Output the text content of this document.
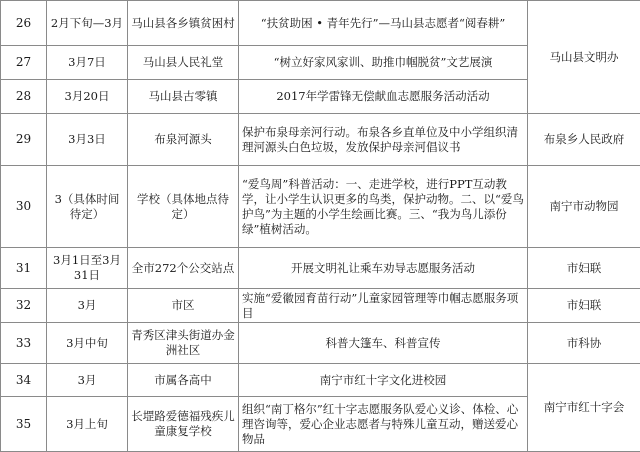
26	2月下旬—3月	马山县各乡镇贫困村	“扶贫助困 • 青年先行”—马山县志愿者“阅春耕”	马山县文明办
27	3月7日	马山县人民礼堂	“树立好家风家训、助推巾帼脱贫”文艺展演	
28	3月20日	马山县古零镇	2017年学雷锋无偿献血志愿服务活动活动	
29	3月3日	布泉河源头	保护布泉母亲河行动。布泉各乡直单位及中小学组织清理河源头白色垃圾，发放保护母亲河倡议书	布泉乡人民政府
30	3（具体时间待定）	学校（具体地点待定）	“爱鸟周”科普活动：一、走进学校，进行PPT互动教学，让小学生认识更多的鸟类，保护动物。二、以“爱鸟护鸟”为主题的小学生绘画比赛。三、“我为鸟儿添份绿”植树活动。	南宁市动物园
31	3月1日至3月31日	全市272个公交站点	开展文明礼让乘车劝导志愿服务活动	市妇联
32	3月	市区	实施“爱徽园育苗行动”儿童家园管理等巾帼志愿服务项目	市妇联
33	3月中旬	青秀区津头街道办金洲社区	科普大篷车、科普宣传	市科协
34	3月	市属各高中	南宁市红十字文化进校园	南宁市红十字会
35	3月上旬	长堽路爱德福残疾儿童康复学校	组织“南丁格尔”红十字志愿服务队爱心义诊、体检、心理咨询等，爱心企业志愿者与特殊儿童互动，赠送爱心物品	
